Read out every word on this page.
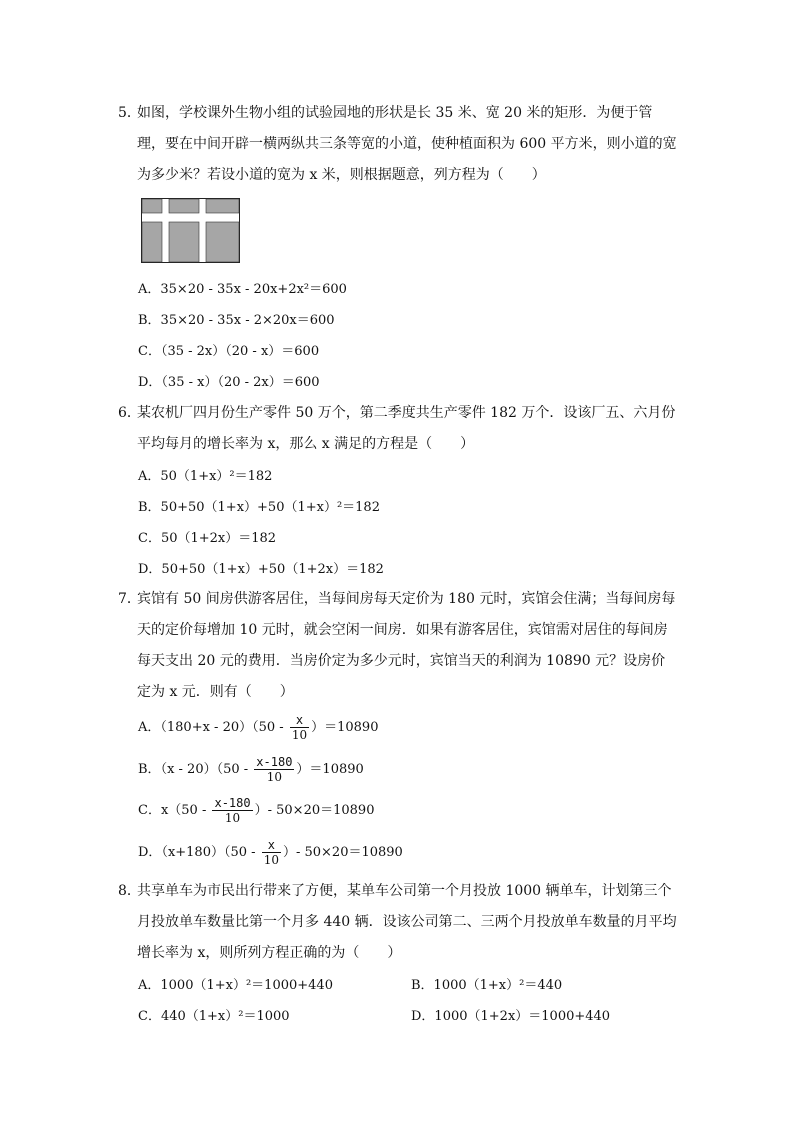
5．
如图，学校课外生物小组的试验园地的形状是长 35 米、宽 20 米的矩形．为便于管理，要在中间开辟一横两纵共三条等宽的小道，使种植面积为 600 平方米，则小道的宽为多少米？若设小道的宽为 x 米，则根据题意，列方程为（　　）
A．35×20 - 35x - 20x+2x²＝600
B．35×20 - 35x - 2×20x＝600
C．（35 - 2x）（20 - x）＝600
D．（35 - x）（20 - 2x）＝600
6．
某农机厂四月份生产零件 50 万个，第二季度共生产零件 182 万个．设该厂五、六月份平均每月的增长率为 x，那么 x 满足的方程是（　　）
A．50（1+x）²＝182
B．50+50（1+x）+50（1+x）²＝182
C．50（1+2x）＝182
D．50+50（1+x）+50（1+2x）＝182
7．
宾馆有 50 间房供游客居住，当每间房每天定价为 180 元时，宾馆会住满；当每间房每天的定价每增加 10 元时，就会空闲一间房．如果有游客居住，宾馆需对居住的每间房每天支出 20 元的费用．当房价定为多少元时，宾馆当天的利润为 10890 元？设房价定为 x 元．则有（　　）
A．$(180+x - 20)(50 - \frac{x}{10} )=10890$
B．$(x - 20)(50 - \frac{x-180}{10} )=10890$
C．$x(50 - \frac{x-180}{10}$ ）- 50×20＝10890
D．$(x+180)(50 - \frac{x}{10}$ ）- 50×20＝10890
8．
共享单车为市民出行带来了方便，某单车公司第一个月投放 1000 辆单车，计划第三个月投放单车数量比第一个月多 440 辆．设该公司第二、三两个月投放单车数量的月平均增长率为 x，则所列方程正确的为（　　）
A．1000（1+x）²＝1000+440	B．1000（1+x）²＝440
C．440（1+x）²＝1000	D．1000（1+2x）＝1000+440
